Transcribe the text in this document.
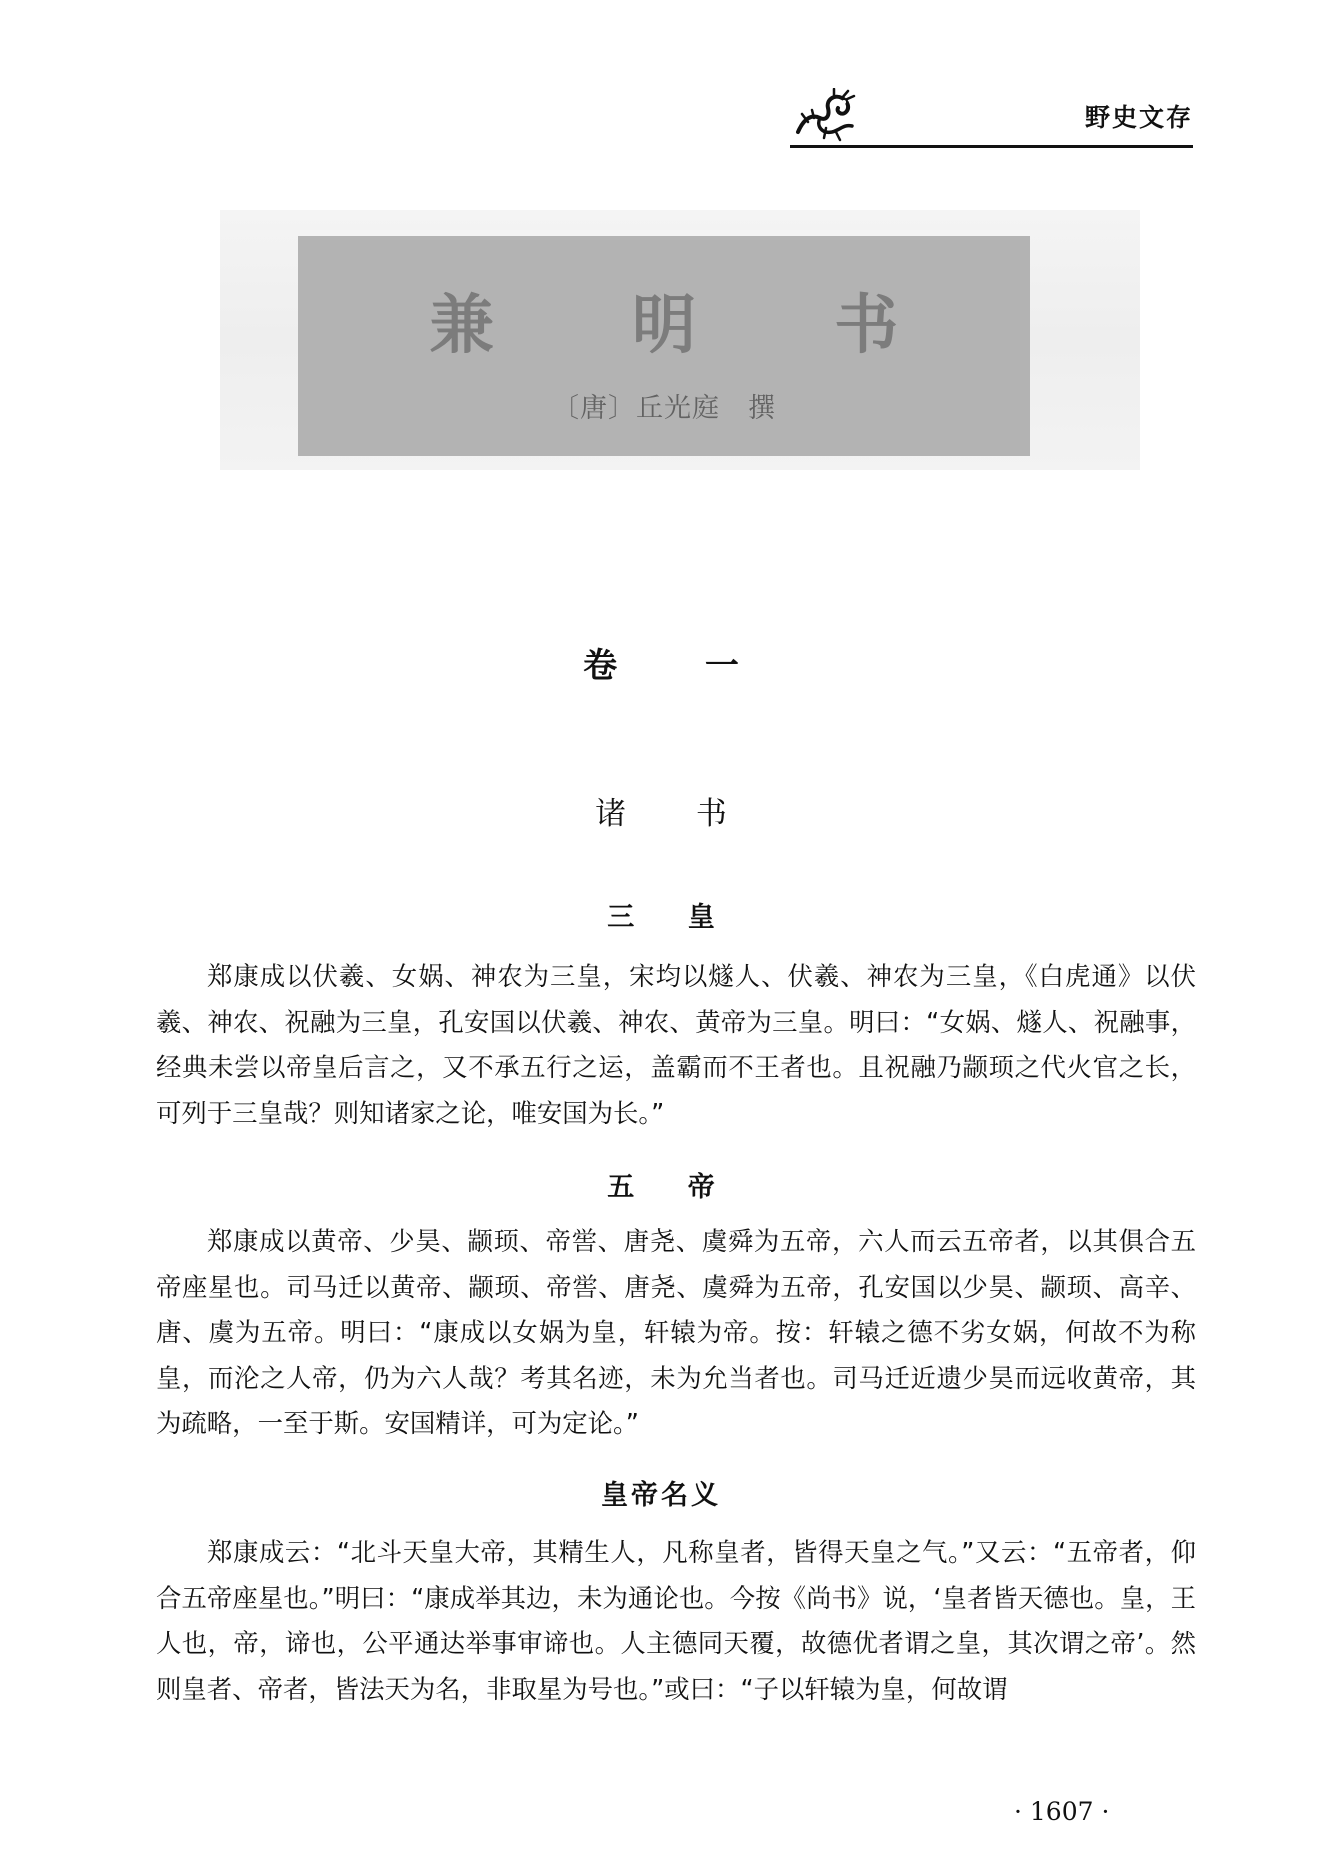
野史文存
兼 明 书
〔唐〕丘光庭　撰
卷 一
诸 书
三 皇

郑康成以伏羲、女娲、神农为三皇，宋均以燧人、伏羲、神农为三皇，《白虎通》以伏羲、神农、祝融为三皇，孔安国以伏羲、神农、黄帝为三皇。明曰：“女娲、燧人、祝融事，经典未尝以帝皇后言之，又不承五行之运，盖霸而不王者也。且祝融乃颛顼之代火官之长，可列于三皇哉？则知诸家之论，唯安国为长。”

五 帝

郑康成以黄帝、少昊、颛顼、帝喾、唐尧、虞舜为五帝，六人而云五帝者，以其俱合五帝座星也。司马迁以黄帝、颛顼、帝喾、唐尧、虞舜为五帝，孔安国以少昊、颛顼、高辛、唐、虞为五帝。明曰：“康成以女娲为皇，轩辕为帝。按：轩辕之德不劣女娲，何故不为称皇，而沦之人帝，仍为六人哉？考其名迹，未为允当者也。司马迁近遗少昊而远收黄帝，其为疏略，一至于斯。安国精详，可为定论。”

皇帝名义

郑康成云：“北斗天皇大帝，其精生人，凡称皇者，皆得天皇之气。”又云：“五帝者，仰合五帝座星也。”明曰：“康成举其边，未为通论也。今按《尚书》说，‘皇者皆天德也。皇，王人也，帝，谛也，公平通达举事审谛也。人主德同天覆，故德优者谓之皇，其次谓之帝’。然则皇者、帝者，皆法天为名，非取星为号也。”或曰：“子以轩辕为皇，何故谓

· 1607 ·
